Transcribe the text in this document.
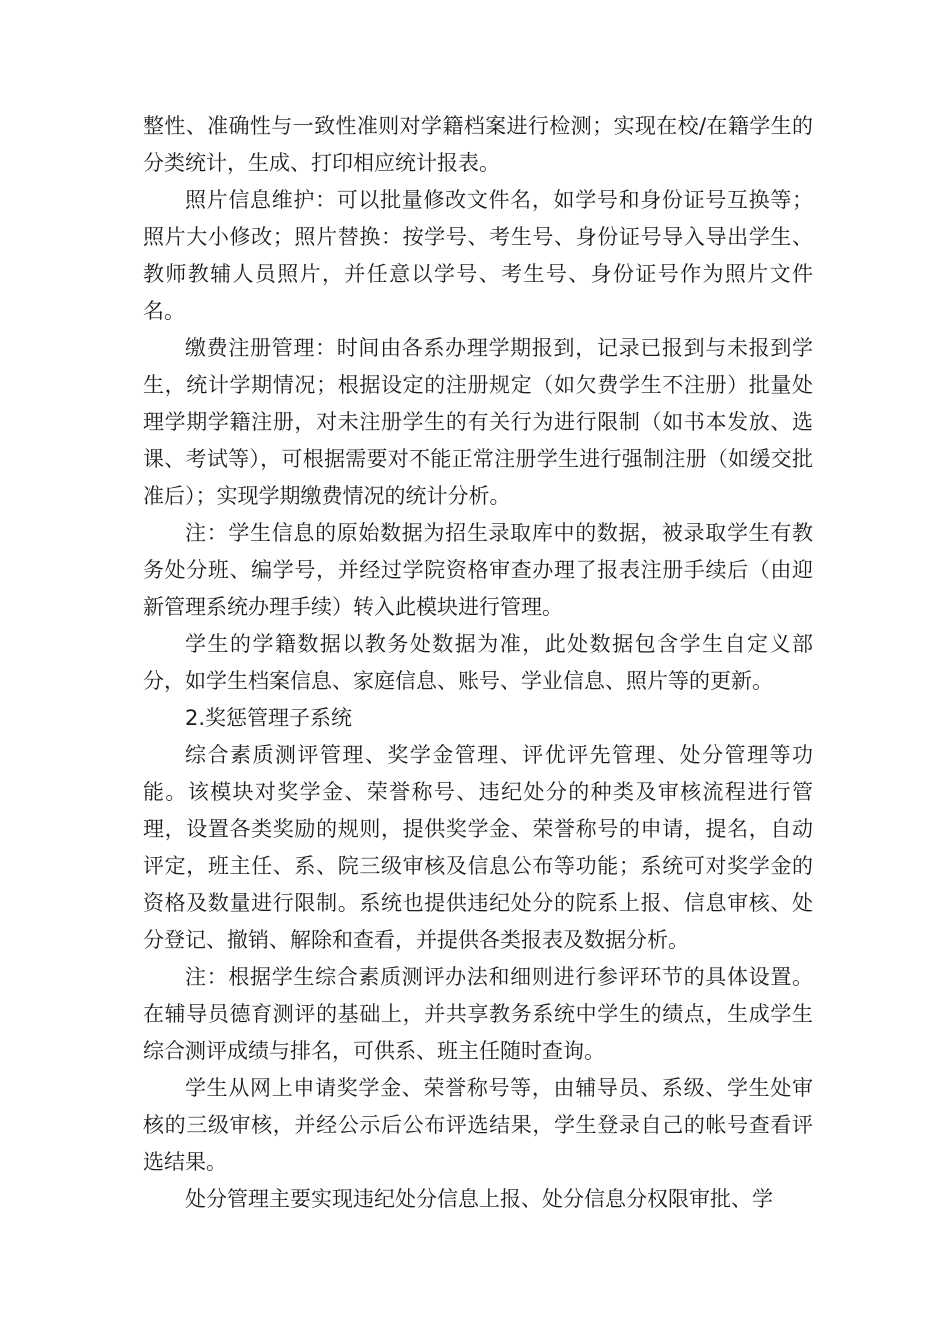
整性、准确性与一致性准则对学籍档案进行检测；实现在校/在籍学生的分类统计，生成、打印相应统计报表。

照片信息维护：可以批量修改文件名，如学号和身份证号互换等；照片大小修改；照片替换：按学号、考生号、身份证号导入导出学生、教师教辅人员照片，并任意以学号、考生号、身份证号作为照片文件名。

缴费注册管理：时间由各系办理学期报到，记录已报到与未报到学生，统计学期情况；根据设定的注册规定（如欠费学生不注册）批量处理学期学籍注册，对未注册学生的有关行为进行限制（如书本发放、选课、考试等），可根据需要对不能正常注册学生进行强制注册（如缓交批准后）；实现学期缴费情况的统计分析。

注：学生信息的原始数据为招生录取库中的数据，被录取学生有教务处分班、编学号，并经过学院资格审查办理了报表注册手续后（由迎新管理系统办理手续）转入此模块进行管理。

学生的学籍数据以教务处数据为准，此处数据包含学生自定义部分，如学生档案信息、家庭信息、账号、学业信息、照片等的更新。

2.奖惩管理子系统

综合素质测评管理、奖学金管理、评优评先管理、处分管理等功能。该模块对奖学金、荣誉称号、违纪处分的种类及审核流程进行管理，设置各类奖励的规则，提供奖学金、荣誉称号的申请，提名，自动评定，班主任、系、院三级审核及信息公布等功能；系统可对奖学金的资格及数量进行限制。系统也提供违纪处分的院系上报、信息审核、处分登记、撤销、解除和查看，并提供各类报表及数据分析。

注：根据学生综合素质测评办法和细则进行参评环节的具体设置。在辅导员德育测评的基础上，并共享教务系统中学生的绩点，生成学生综合测评成绩与排名，可供系、班主任随时查询。

学生从网上申请奖学金、荣誉称号等，由辅导员、系级、学生处审核的三级审核，并经公示后公布评选结果，学生登录自己的帐号查看评选结果。

处分管理主要实现违纪处分信息上报、处分信息分权限审批、学
